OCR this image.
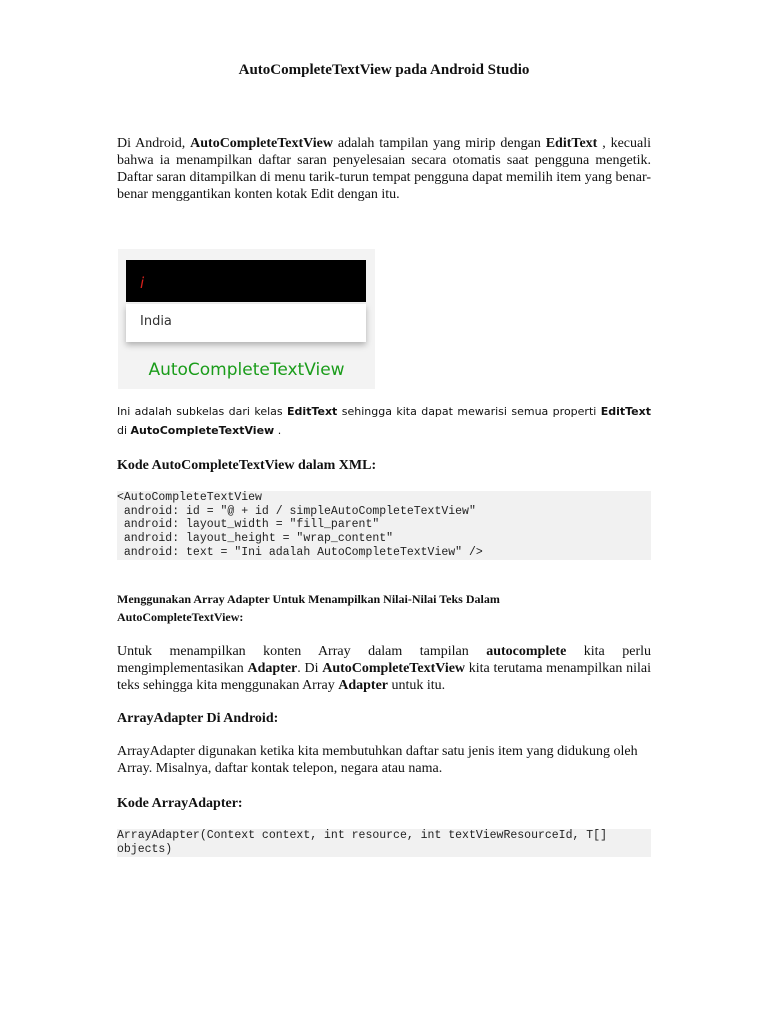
AutoCompleteTextView pada Android Studio
Di Android, AutoCompleteTextView adalah tampilan yang mirip dengan EditText , kecuali bahwa ia menampilkan daftar saran penyelesaian secara otomatis saat pengguna mengetik. Daftar saran ditampilkan di menu tarik-turun tempat pengguna dapat memilih item yang benar-benar menggantikan konten kotak Edit dengan itu.
i
India
AutoCompleteTextView
Ini adalah subkelas dari kelas EditText sehingga kita dapat mewarisi semua properti EditText di AutoCompleteTextView .
Kode AutoCompleteTextView dalam XML:
<AutoCompleteTextView
android: id = "@ + id / simpleAutoCompleteTextView"
android: layout_width = "fill_parent"
android: layout_height = "wrap_content"
android: text = "Ini adalah AutoCompleteTextView" />
Menggunakan Array Adapter Untuk Menampilkan Nilai-Nilai Teks Dalam
AutoCompleteTextView:
Untuk menampilkan konten Array dalam tampilan autocomplete kita perlu mengimplementasikan Adapter. Di AutoCompleteTextView kita terutama menampilkan nilai teks sehingga kita menggunakan Array Adapter untuk itu.
ArrayAdapter Di Android:
ArrayAdapter digunakan ketika kita membutuhkan daftar satu jenis item yang didukung oleh Array. Misalnya, daftar kontak telepon, negara atau nama.
Kode ArrayAdapter:
ArrayAdapter(Context context, int resource, int textViewResourceId, T[]
objects)
